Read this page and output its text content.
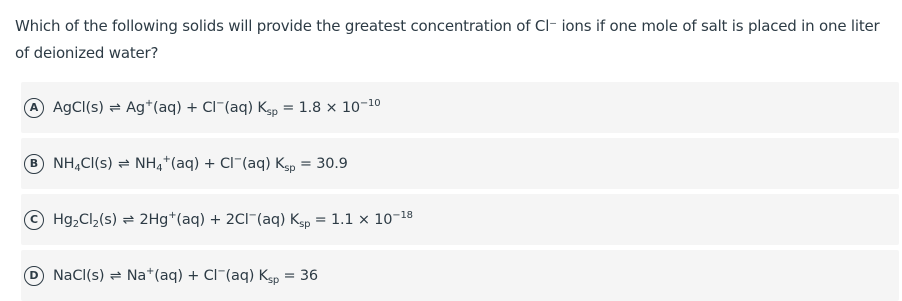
Which of the following solids will provide the greatest concentration of Cl⁻ ions if one mole of salt is placed in one liter of deionized water?
A	AgCl(s) ⇌ Ag+(aq) + Cl−(aq) $K_{sp} = 1.8 \times 10^{-10}$
B	$NH_4Cl(s)$ ⇌ $NH_4^+(aq) + Cl^-(aq) K_{sp} = 30.9$
C	$Hg_2Cl_2(s)$ ⇌ 2Hg+(aq) + 2Cl−(aq) $K_{sp} = 1.1 \times 10^{-18}$
D NaCl(s) ⇌ Na+(aq) + Cl−(aq) $K_{sp} = 36$
